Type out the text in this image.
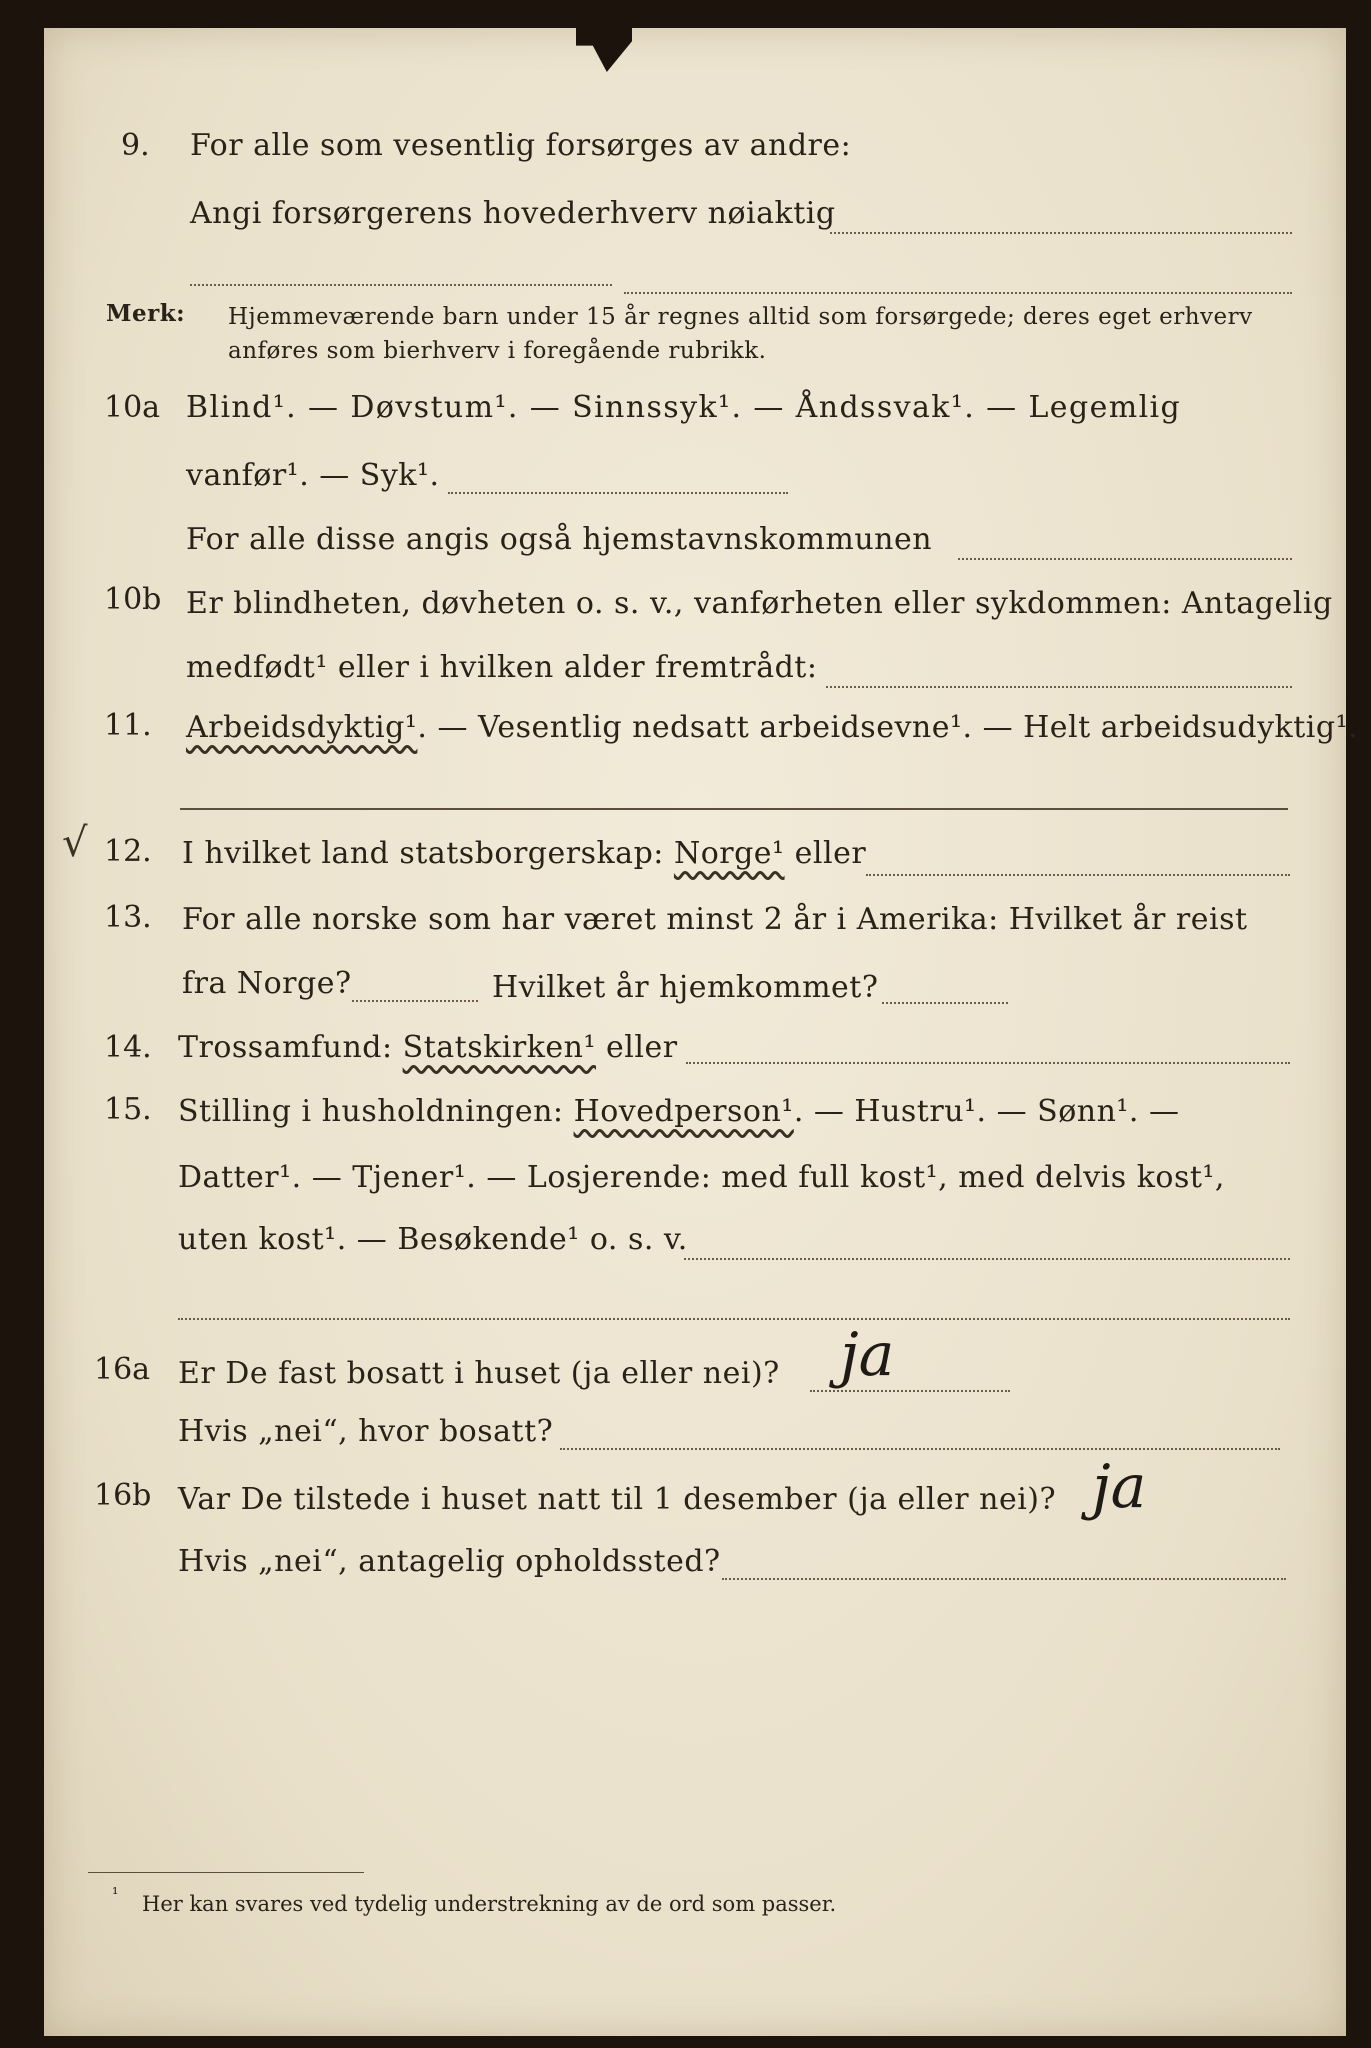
9. For alle som vesentlig forsørges av andre:
Angi forsørgerens hovederhverv nøiaktig
Merk: Hjemmeværende barn under 15 år regnes alltid som forsørgede; deres eget erhverv
anføres som bierhverv i foregående rubrikk.
10a Blind¹. — Døvstum¹. — Sinnssyk¹. — Åndssvak¹. — Legemlig
vanfør¹. — Syk¹.
For alle disse angis også hjemstavnskommunen
10b Er blindheten, døvheten o. s. v., vanførheten eller sykdommen: Antagelig
medfødt¹ eller i hvilken alder fremtrådt:
11. Arbeidsdyktig¹. — Vesentlig nedsatt arbeidsevne¹. — Helt arbeidsudyktig¹.
√ 12. I hvilket land statsborgerskap: Norge¹ eller
13. For alle norske som har været minst 2 år i Amerika: Hvilket år reist
fra Norge?	Hvilket år hjemkommet?
14. Trossamfund: Statskirken¹ eller
15. Stilling i husholdningen: Hovedperson¹. — Hustru¹. — Sønn¹. —
Datter¹. — Tjener¹. — Losjerende: med full kost¹, med delvis kost¹,
uten kost¹. — Besøkende¹ o. s. v.
16a Er De fast bosatt i huset (ja eller nei)? ja
Hvis „nei“, hvor bosatt?
16b Var De tilstede i huset natt til 1 desember (ja eller nei)? ja
Hvis „nei“, antagelig opholdssted?
¹ Her kan svares ved tydelig understrekning av de ord som passer.
